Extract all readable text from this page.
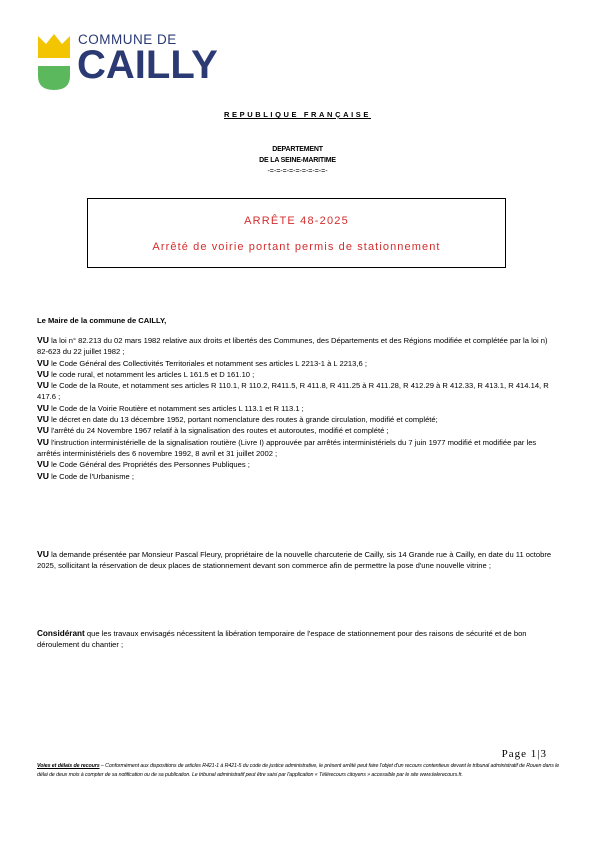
COMMUNE DE
CAILLY
REPUBLIQUE FRANÇAISE
DEPARTEMENT
DE LA SEINE-MARITIME
-=-=-=-=-=-=-=-=-=-
ARRÊTE 48-2025
Arrêté de voirie portant permis de stationnement
Le Maire de la commune de CAILLY,

VU la loi n° 82.213 du 02 mars 1982 relative aux droits et libertés des Communes, des Départements et des Régions modifiée et complétée par la loi n) 82-623 du 22 juillet 1982 ;

VU le Code Général des Collectivités Territoriales et notamment ses articles L 2213-1 à L 2213,6 ;

VU le code rural, et notamment les articles L 161.5 et D 161.10 ;

VU le Code de la Route, et notamment ses articles R 110.1, R 110.2, R411.5, R 411.8, R 411.25 à R 411.28, R 412.29 à R 412.33, R 413.1, R 414.14, R 417.6 ;

VU le Code de la Voirie Routière et notamment ses articles L 113.1 et R 113.1 ;

VU le décret en date du 13 décembre 1952, portant nomenclature des routes à grande circulation, modifié et complété;

VU l'arrêté du 24 Novembre 1967 relatif à la signalisation des routes et autoroutes, modifié et complété ;

VU l'instruction interministérielle de la signalisation routière (Livre I) approuvée par arrêtés interministériels du 7 juin 1977 modifié et modifiée par les arrêtés interministériels des 6 novembre 1992, 8 avril et 31 juillet 2002 ;

VU le Code Général des Propriétés des Personnes Publiques ;

VU le Code de l'Urbanisme ;

VU la demande présentée par Monsieur Pascal Fleury, propriétaire de la nouvelle charcuterie de Cailly, sis 14 Grande rue à Cailly, en date du 11 octobre 2025, sollicitant la réservation de deux places de stationnement devant son commerce afin de permettre la pose d'une nouvelle vitrine ;
Considérant que les travaux envisagés nécessitent la libération temporaire de l'espace de stationnement pour des raisons de sécurité et de bon déroulement du chantier ;
Page 1|3
Voies et délais de recours – Conformément aux dispositions de articles R421-1 à R421-5 du code de justice administrative, le présent arrêté peut faire l'objet d'un recours contentieux devant le tribunal administratif de Rouen dans le délai de deux mois à compter de sa notification ou de sa publication. Le tribunal administratif peut être saisi par l'application « Télérecours citoyens » accessible par le site www.telerecours.fr.
